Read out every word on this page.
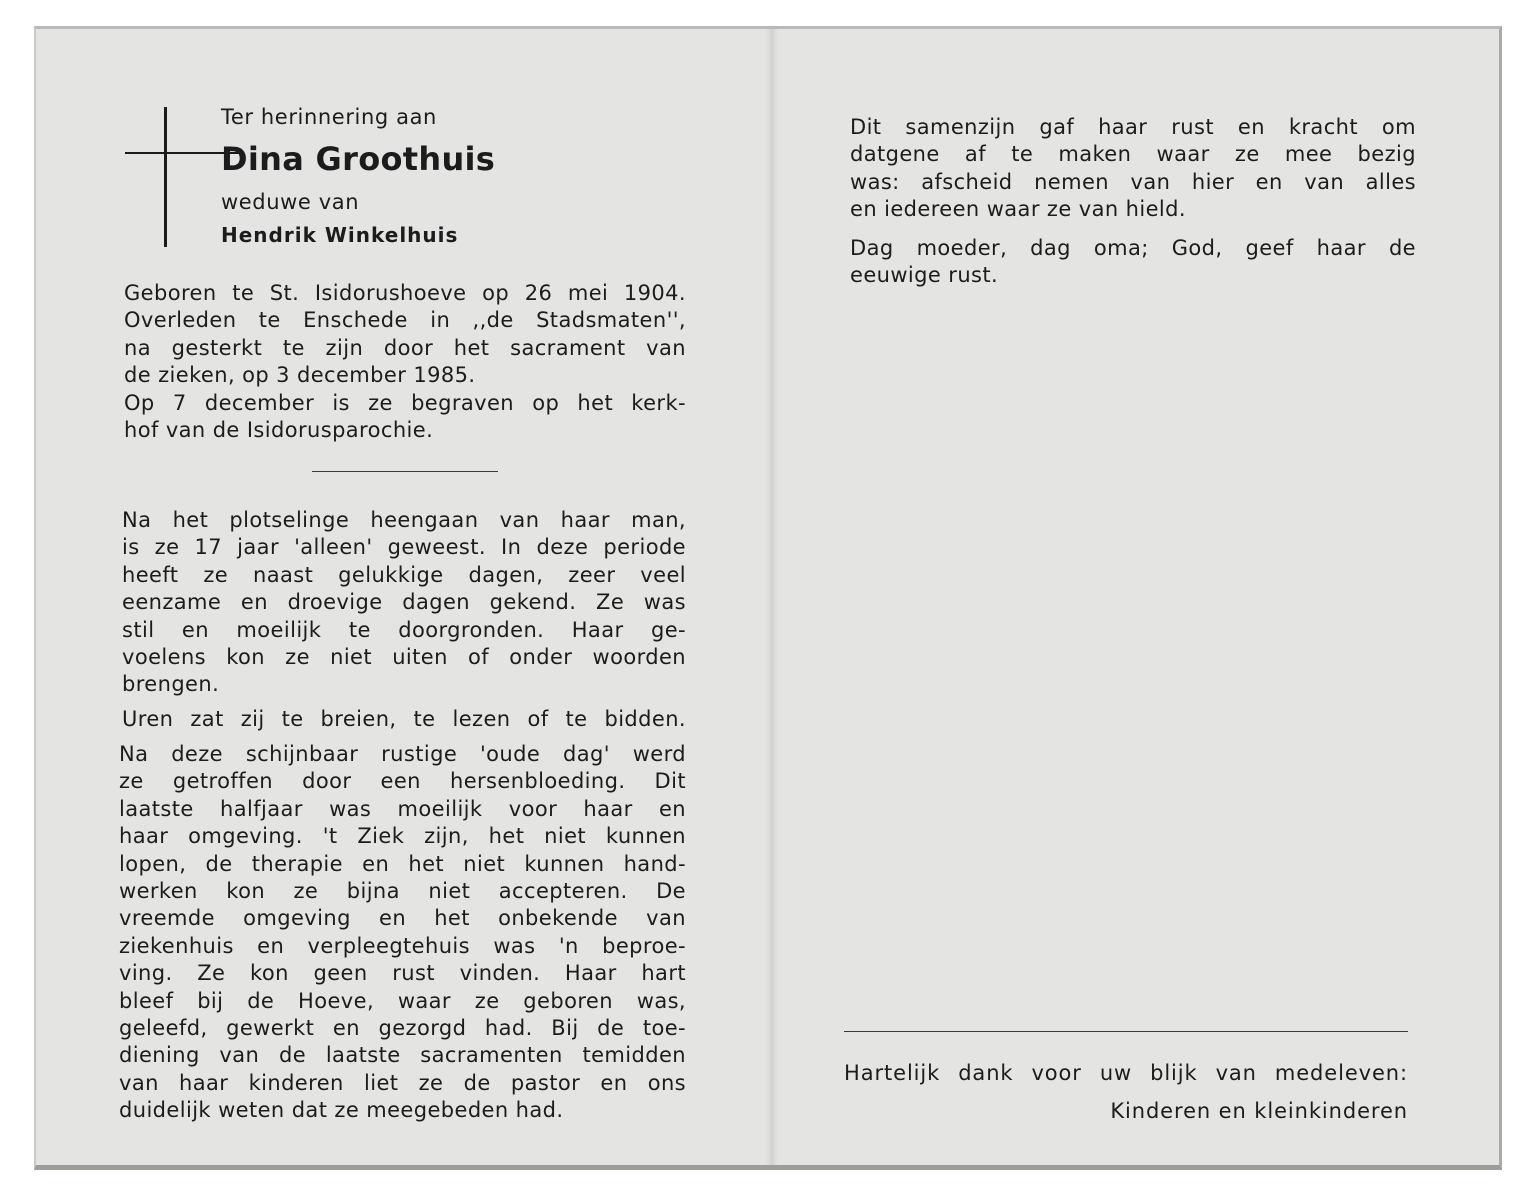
Ter herinnering aan

Dina Groothuis

weduwe van

Hendrik Winkelhuis

Geboren te St. Isidorushoeve op 26 mei 1904.
Overleden te Enschede in ,,de Stadsmaten'',
na gesterkt te zijn door het sacrament van
de zieken, op 3 december 1985.
Op 7 december is ze begraven op het kerk-
hof van de Isidorusparochie.
Na het plotselinge heengaan van haar man,
is ze 17 jaar 'alleen' geweest. In deze periode
heeft ze naast gelukkige dagen, zeer veel
eenzame en droevige dagen gekend. Ze was
stil en moeilijk te doorgronden. Haar ge-
voelens kon ze niet uiten of onder woorden
brengen.
Uren zat zij te breien, te lezen of te bidden.
Na deze schijnbaar rustige 'oude dag' werd
ze getroffen door een hersenbloeding. Dit
laatste halfjaar was moeilijk voor haar en
haar omgeving. 't Ziek zijn, het niet kunnen
lopen, de therapie en het niet kunnen hand-
werken kon ze bijna niet accepteren. De
vreemde omgeving en het onbekende van
ziekenhuis en verpleegtehuis was 'n beproe-
ving. Ze kon geen rust vinden. Haar hart
bleef bij de Hoeve, waar ze geboren was,
geleefd, gewerkt en gezorgd had. Bij de toe-
diening van de laatste sacramenten temidden
van haar kinderen liet ze de pastor en ons
duidelijk weten dat ze meegebeden had.
Dit samenzijn gaf haar rust en kracht om
datgene af te maken waar ze mee bezig
was: afscheid nemen van hier en van alles
en iedereen waar ze van hield.
Dag moeder, dag oma; God, geef haar de
eeuwige rust.

Hartelijk dank voor uw blijk van medeleven:

Kinderen en kleinkinderen
